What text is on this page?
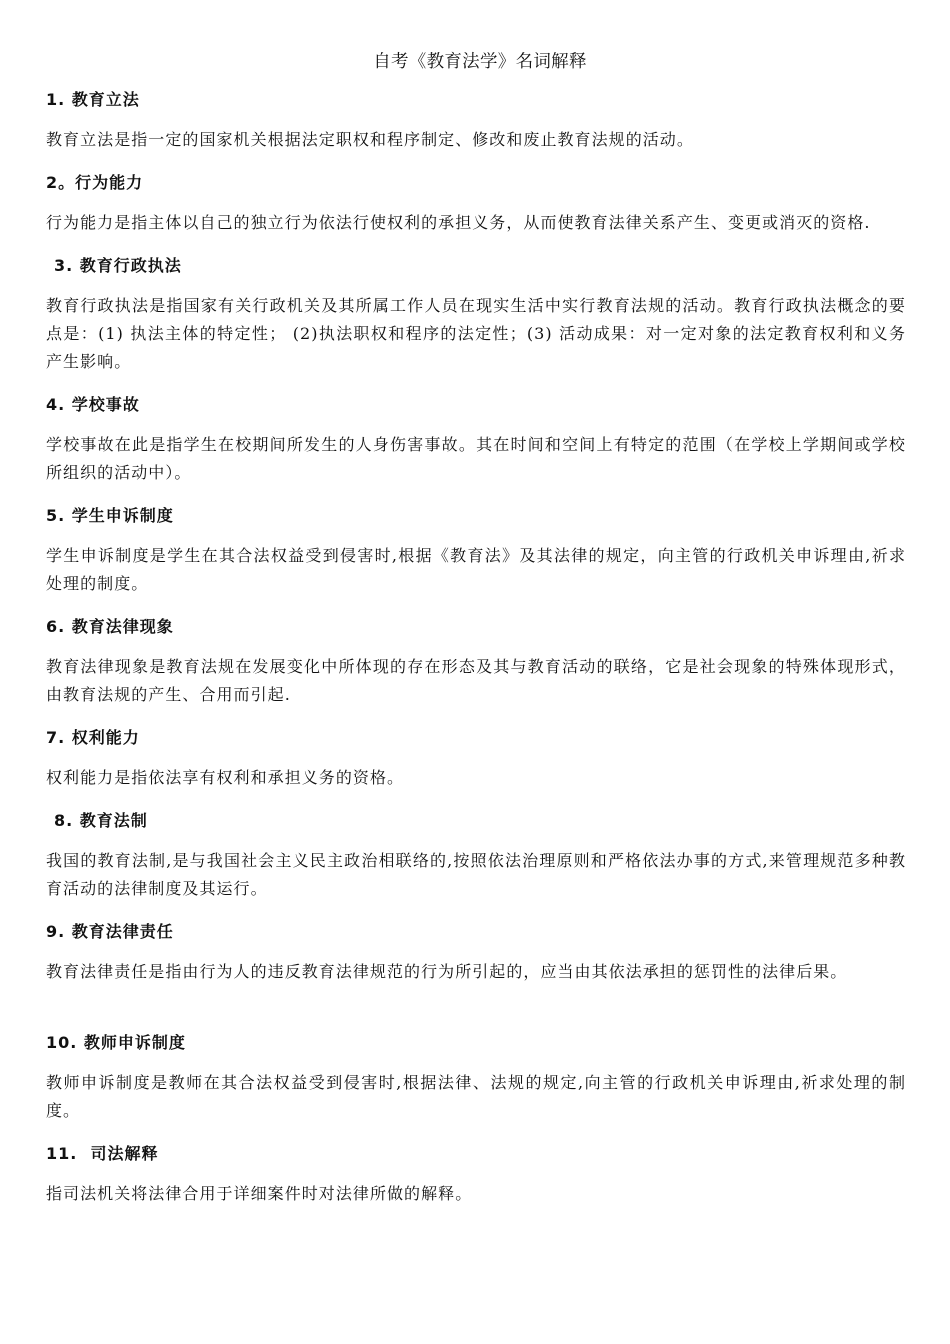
自考《教育法学》名词解释
1. 教育立法

教育立法是指一定的国家机关根据法定职权和程序制定、修改和废止教育法规的活动。

2。行为能力

行为能力是指主体以自己的独立行为依法行使权利的承担义务，从而使教育法律关系产生、变更或消灭的资格.

3. 教育行政执法

教育行政执法是指国家有关行政机关及其所属工作人员在现实生活中实行教育法规的活动。教育行政执法概念的要点是：(1) 执法主体的特定性； (2)执法职权和程序的法定性；(3) 活动成果：对一定对象的法定教育权利和义务产生影响。

4. 学校事故

学校事故在此是指学生在校期间所发生的人身伤害事故。其在时间和空间上有特定的范围（在学校上学期间或学校所组织的活动中）。

5. 学生申诉制度

学生申诉制度是学生在其合法权益受到侵害时,根据《教育法》及其法律的规定，向主管的行政机关申诉理由,祈求处理的制度。

6. 教育法律现象

教育法律现象是教育法规在发展变化中所体现的存在形态及其与教育活动的联络，它是社会现象的特殊体现形式，由教育法规的产生、合用而引起.

7. 权利能力

权利能力是指依法享有权利和承担义务的资格。

8. 教育法制

我国的教育法制,是与我国社会主义民主政治相联络的,按照依法治理原则和严格依法办事的方式,来管理规范多种教育活动的法律制度及其运行。

9. 教育法律责任

教育法律责任是指由行为人的违反教育法律规范的行为所引起的，应当由其依法承担的惩罚性的法律后果。

10. 教师申诉制度

教师申诉制度是教师在其合法权益受到侵害时,根据法律、法规的规定,向主管的行政机关申诉理由,祈求处理的制度。

11. 司法解释

指司法机关将法律合用于详细案件时对法律所做的解释。
